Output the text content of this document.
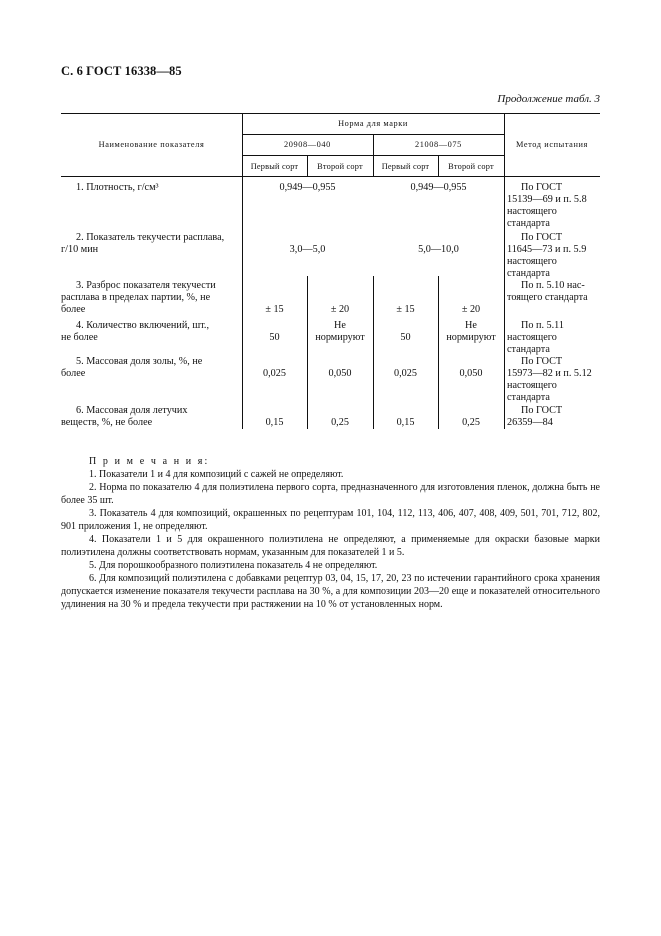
С. 6 ГОСТ 16338—85
Продолжение табл. 3
Наименование показателя
Норма для марки
20908—040	21008—075
Первый сорт	Второй сорт	Первый сорт	Второй сорт
Метод испытания
1. Плотность, г/см³	0,949—0,955	0,949—0,955	По ГОСТ
15139—69 и п. 5.8
настоящего
стандарта
2. Показатель текучести расплава,
г/10 мин	3,0—5,0	5,0—10,0
По ГОСТ
11645—73 и п. 5.9
настоящего
стандарта
3. Разброс показателя текучести
расплава в пределах партии, %, не
более	± 15	± 20	± 15	± 20
По п. 5.10 нас-
тоящего стандарта
4. Количество включений, шт.,
не более	50
Не
нормируют	50
Не
нормируют
По п. 5.11
настоящего
стандарта
5. Массовая доля золы, %, не
более	0,025	0,050	0,025	0,050
По ГОСТ
15973—82 и п. 5.12
настоящего
стандарта
6. Массовая доля летучих
веществ, %, не более	0,15	0,25	0,15	0,25
По ГОСТ
26359—84
П р и м е ч а н и я:

1. Показатели 1 и 4 для композиций с сажей не определяют.

2. Норма по показателю 4 для полиэтилена первого сорта, предназначенного для изготовления пленок, должна быть не более 35 шт.

3. Показатель 4 для композиций, окрашенных по рецептурам 101, 104, 112, 113, 406, 407, 408, 409, 501, 701, 712, 802, 901 приложения 1, не определяют.

4. Показатели 1 и 5 для окрашенного полиэтилена не определяют, а применяемые для окраски базовые марки полиэтилена должны соответствовать нормам, указанным для показателей 1 и 5.

5. Для порошкообразного полиэтилена показатель 4 не определяют.

6. Для композиций полиэтилена с добавками рецептур 03, 04, 15, 17, 20, 23 по истечении гарантийного срока хранения допускается изменение показателя текучести расплава на 30 %, а для композиции 203—20 еще и показателей относительного удлинения на 30 % и предела текучести при растяжении на 10 % от установленных норм.
